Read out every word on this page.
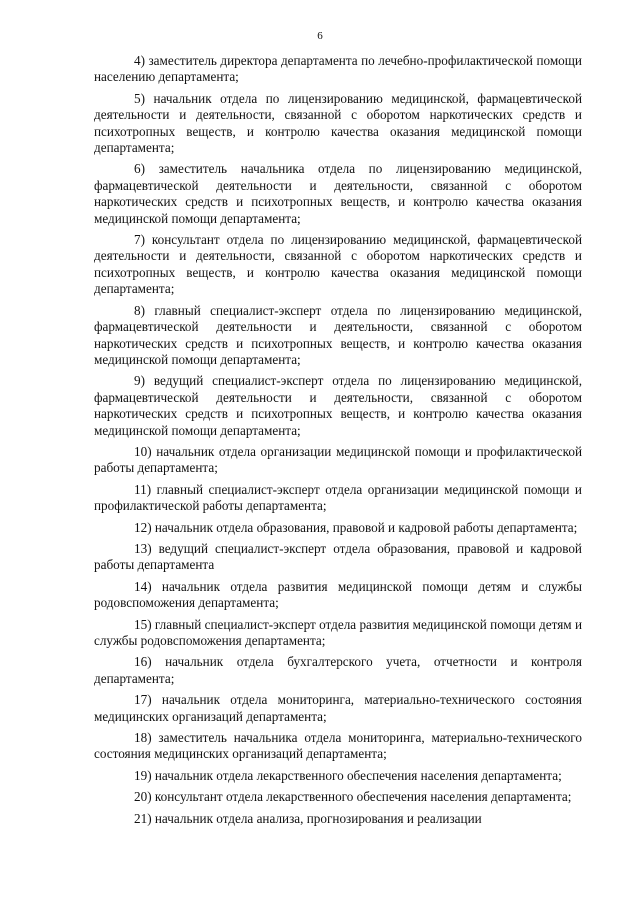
6

4) заместитель директора департамента по лечебно-профилактической помощи населению департамента;

5) начальник отдела по лицензированию медицинской, фармацевтической деятельности и деятельности, связанной с оборотом наркотических средств и психотропных веществ, и контролю качества оказания медицинской помощи департамента;

6) заместитель начальника отдела по лицензированию медицинской, фармацевтической деятельности и деятельности, связанной с оборотом наркотических средств и психотропных веществ, и контролю качества оказания медицинской помощи департамента;

7) консультант отдела по лицензированию медицинской, фармацевтической деятельности и деятельности, связанной с оборотом наркотических средств и психотропных веществ, и контролю качества оказания медицинской помощи департамента;

8) главный специалист-эксперт отдела по лицензированию медицинской, фармацевтической деятельности и деятельности, связанной с оборотом наркотических средств и психотропных веществ, и контролю качества оказания медицинской помощи департамента;

9) ведущий специалист-эксперт отдела по лицензированию медицинской, фармацевтической деятельности и деятельности, связанной с оборотом наркотических средств и психотропных веществ, и контролю качества оказания медицинской помощи департамента;

10) начальник отдела организации медицинской помощи и профилактической работы департамента;

11) главный специалист-эксперт отдела организации медицинской помощи и профилактической работы департамента;

12) начальник отдела образования, правовой и кадровой работы департамента;

13) ведущий специалист-эксперт отдела образования, правовой и кадровой работы департамента

14) начальник отдела развития медицинской помощи детям и службы родовспоможения департамента;

15) главный специалист-эксперт отдела развития медицинской помощи детям и службы родовспоможения департамента;

16) начальник отдела бухгалтерского учета, отчетности и контроля департамента;

17) начальник отдела мониторинга, материально-технического состояния медицинских организаций департамента;

18) заместитель начальника отдела мониторинга, материально-технического состояния медицинских организаций департамента;

19) начальник отдела лекарственного обеспечения населения департамента;

20) консультант отдела лекарственного обеспечения населения департамента;

21) начальник отдела анализа, прогнозирования и реализации
